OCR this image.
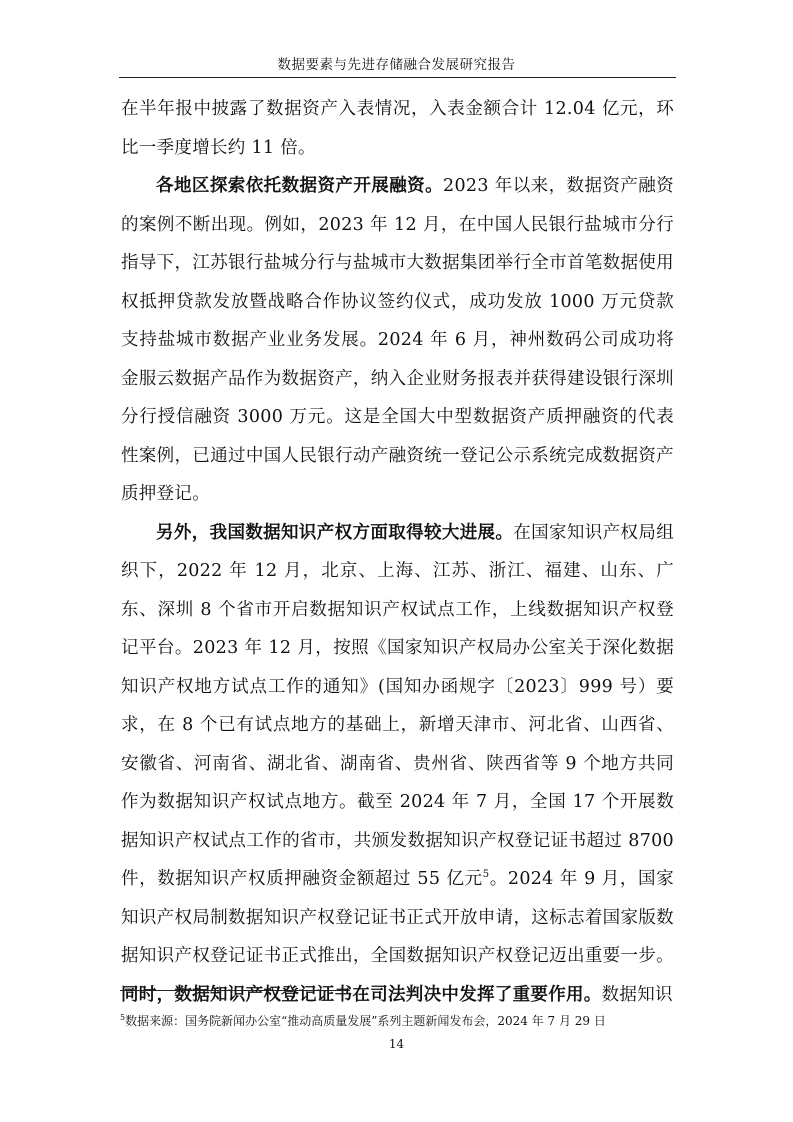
数据要素与先进存储融合发展研究报告

在半年报中披露了数据资产入表情况，入表金额合计 12.04 亿元，环比一季度增长约 11 倍。

各地区探索依托数据资产开展融资。2023 年以来，数据资产融资的案例不断出现。例如，2023 年 12 月，在中国人民银行盐城市分行指导下，江苏银行盐城分行与盐城市大数据集团举行全市首笔数据使用权抵押贷款发放暨战略合作协议签约仪式，成功发放 1000 万元贷款支持盐城市数据产业业务发展。2024 年 6 月，神州数码公司成功将金服云数据产品作为数据资产，纳入企业财务报表并获得建设银行深圳分行授信融资 3000 万元。这是全国大中型数据资产质押融资的代表性案例，已通过中国人民银行动产融资统一登记公示系统完成数据资产质押登记。

另外，我国数据知识产权方面取得较大进展。在国家知识产权局组织下，2022 年 12 月，北京、上海、江苏、浙江、福建、山东、广东、深圳 8 个省市开启数据知识产权试点工作，上线数据知识产权登记平台。2023 年 12 月，按照《国家知识产权局办公室关于深化数据知识产权地方试点工作的通知》(国知办函规字〔2023〕999 号）要求，在 8 个已有试点地方的基础上，新增天津市、河北省、山西省、安徽省、河南省、湖北省、湖南省、贵州省、陕西省等 9 个地方共同作为数据知识产权试点地方。截至 2024 年 7 月，全国 17 个开展数据知识产权试点工作的省市，共颁发数据知识产权登记证书超过 8700 件，数据知识产权质押融资金额超过 55 亿元$^5$。2024 年 9 月，国家知识产权局制数据知识产权登记证书正式开放申请，这标志着国家版数据知识产权登记证书正式推出，全国数据知识产权登记迈出重要一步。同时，数据知识产权登记证书在司法判决中发挥了重要作用。数据知识

$^5$数据来源：国务院新闻办公室“推动高质量发展”系列主题新闻发布会，2024 年 7 月 29 日
14
